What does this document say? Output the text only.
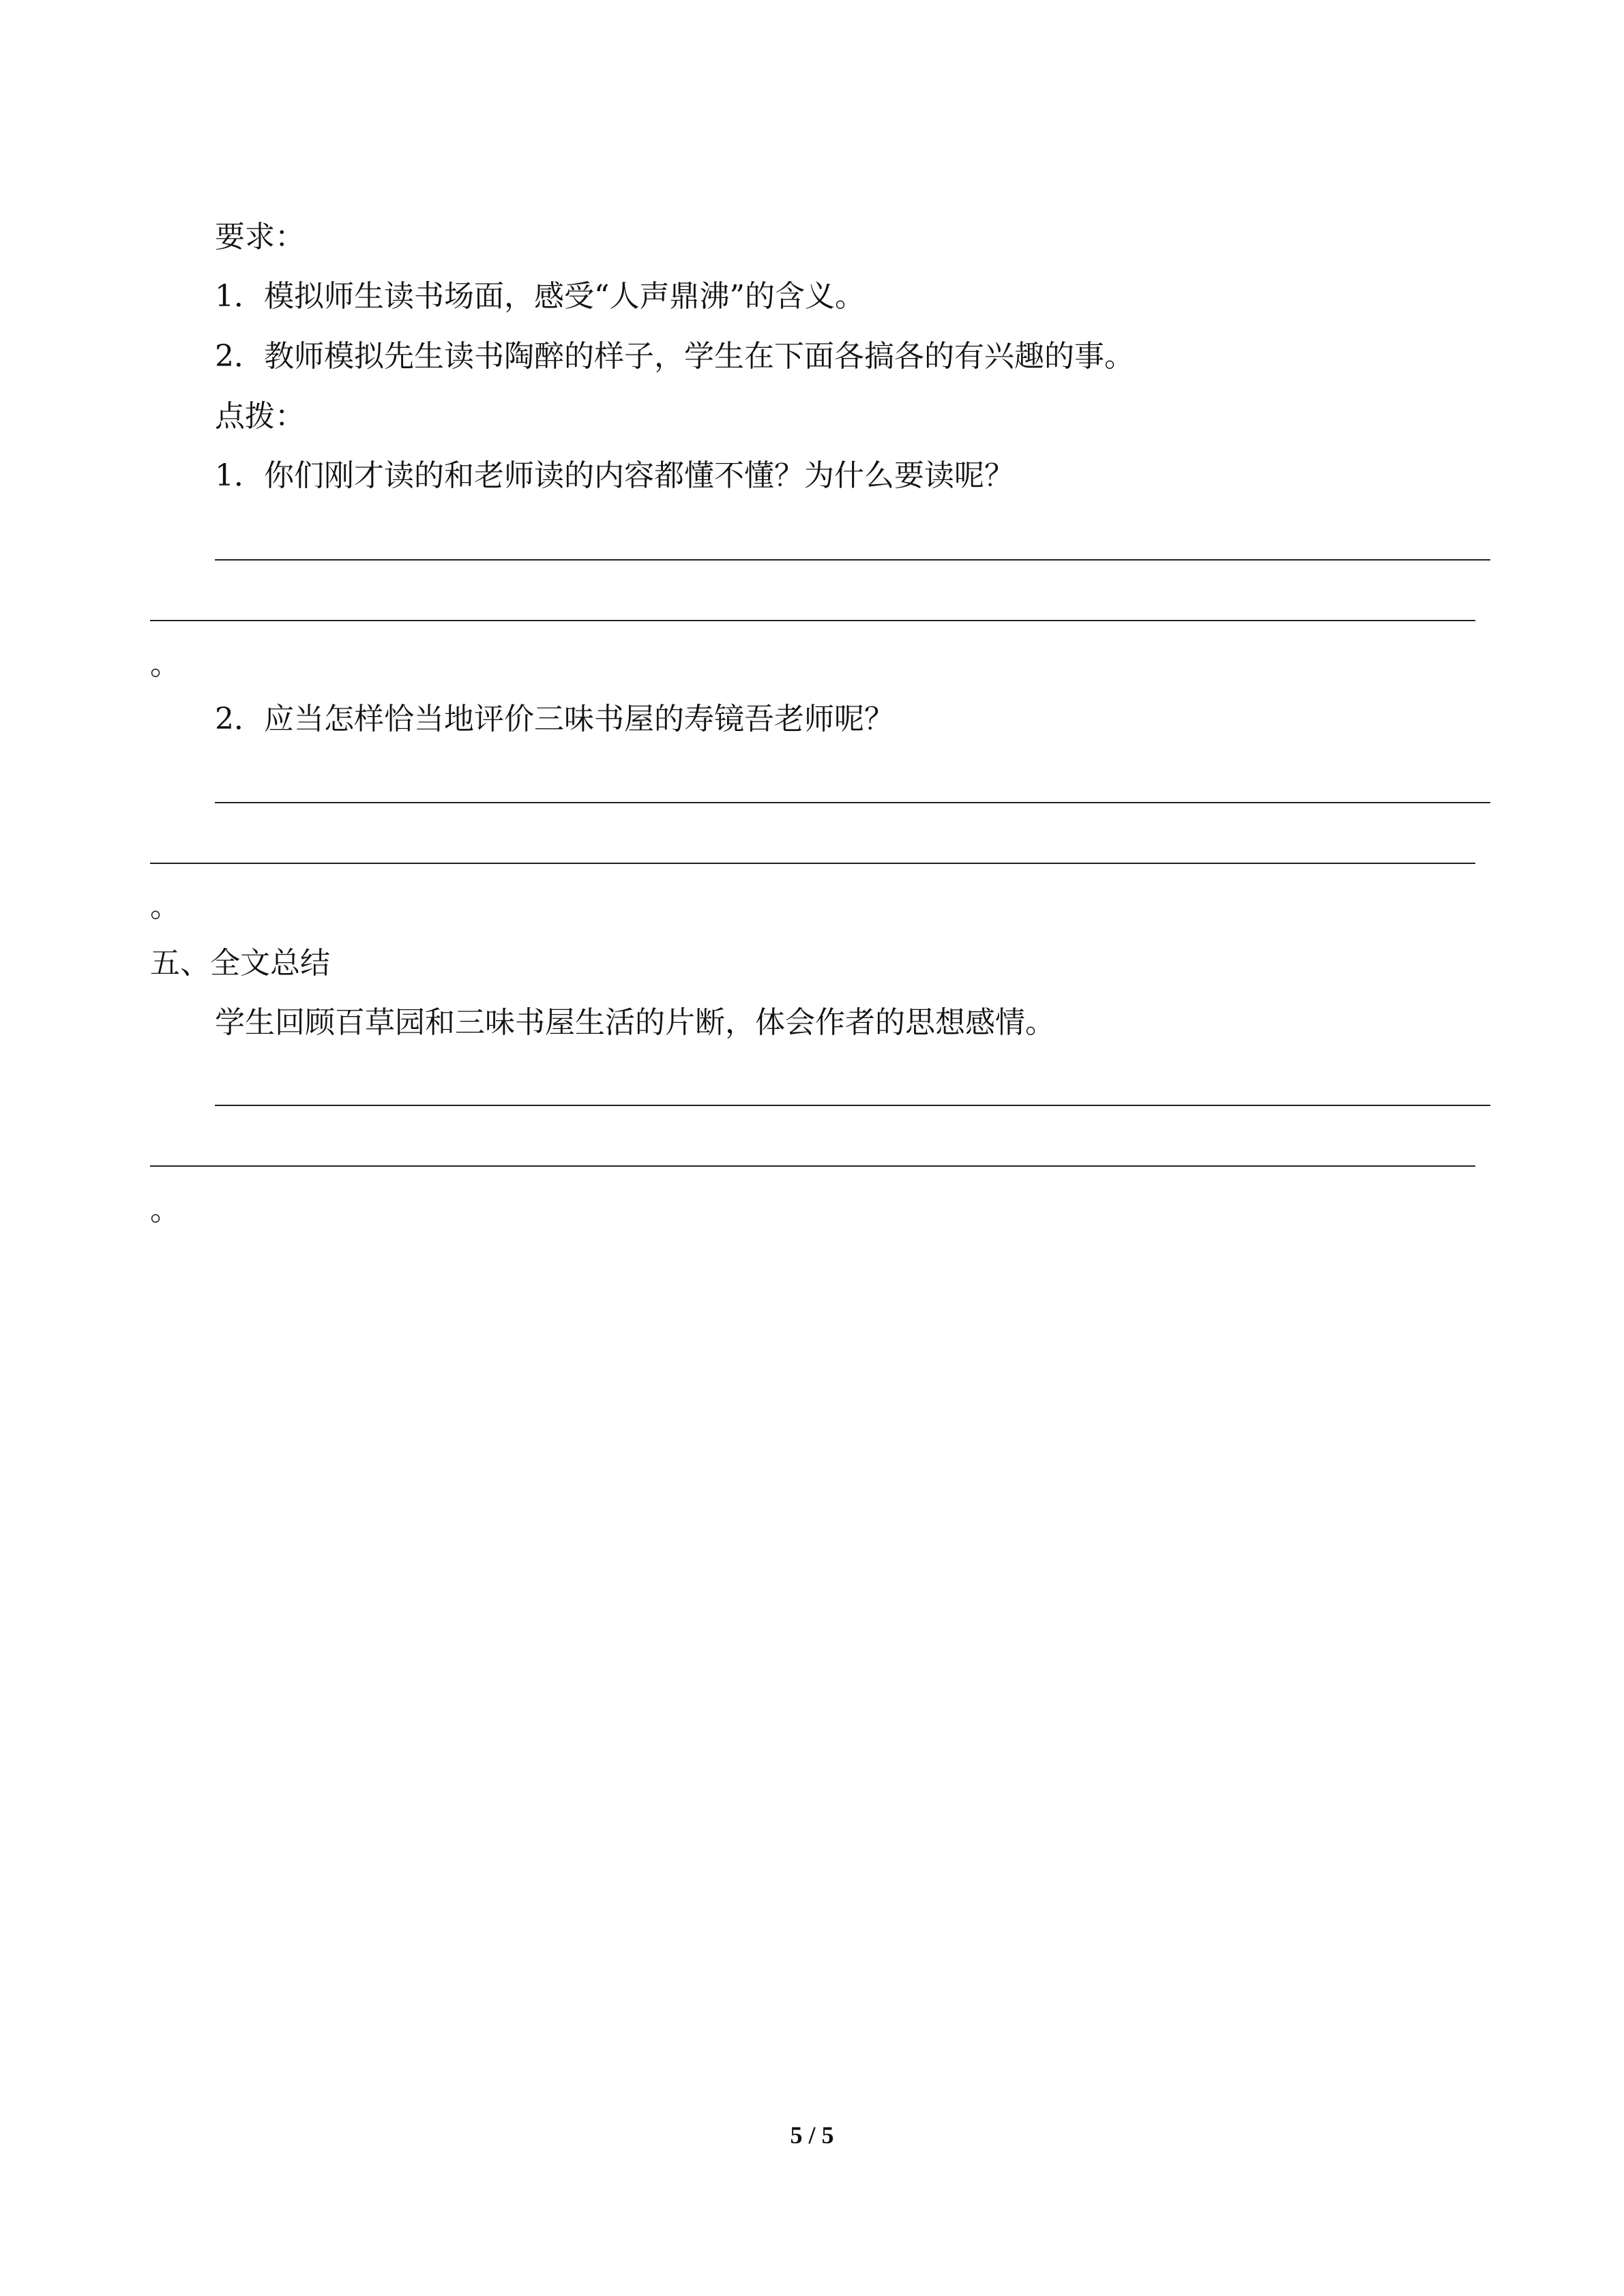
要求：
1．模拟师生读书场面，感受“人声鼎沸”的含义。
2．教师模拟先生读书陶醉的样子，学生在下面各搞各的有兴趣的事。
点拨：
1．你们刚才读的和老师读的内容都懂不懂？为什么要读呢？
。
2．应当怎样恰当地评价三味书屋的寿镜吾老师呢？
。
五、全文总结
学生回顾百草园和三味书屋生活的片断，体会作者的思想感情。
。
5 / 5
